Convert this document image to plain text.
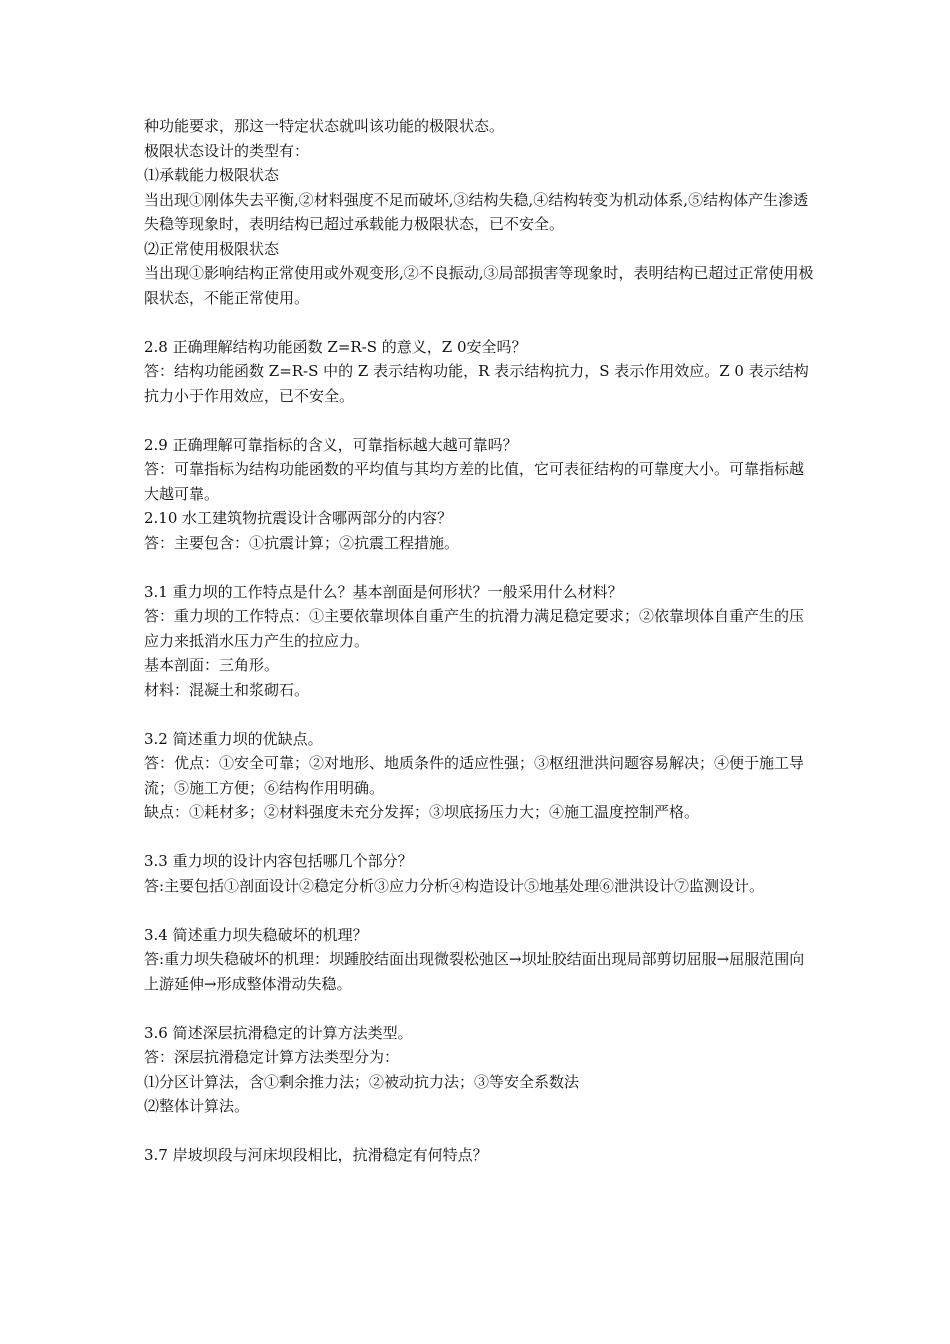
种功能要求，那这一特定状态就叫该功能的极限状态。

极限状态设计的类型有：

⑴承载能力极限状态

当出现①刚体失去平衡,②材料强度不足而破坏,③结构失稳,④结构转变为机动体系,⑤结构体产生渗透失稳等现象时，表明结构已超过承载能力极限状态，已不安全。

⑵正常使用极限状态

当出现①影响结构正常使用或外观变形,②不良振动,③局部损害等现象时，表明结构已超过正常使用极限状态，不能正常使用。

2.8 正确理解结构功能函数 Z=R-S 的意义，Z 0安全吗？

答：结构功能函数 Z=R-S 中的 Z 表示结构功能，R 表示结构抗力，S 表示作用效应。Z 0 表示结构抗力小于作用效应，已不安全。

2.9 正确理解可靠指标的含义，可靠指标越大越可靠吗？

答：可靠指标为结构功能函数的平均值与其均方差的比值，它可表征结构的可靠度大小。可靠指标越大越可靠。

2.10 水工建筑物抗震设计含哪两部分的内容？

答：主要包含：①抗震计算；②抗震工程措施。

3.1 重力坝的工作特点是什么？基本剖面是何形状？一般采用什么材料？

答：重力坝的工作特点：①主要依靠坝体自重产生的抗滑力满足稳定要求；②依靠坝体自重产生的压应力来抵消水压力产生的拉应力。

基本剖面：三角形。

材料：混凝土和浆砌石。

3.2 简述重力坝的优缺点。

答：优点：①安全可靠；②对地形、地质条件的适应性强；③枢纽泄洪问题容易解决；④便于施工导流；⑤施工方便；⑥结构作用明确。

缺点：①耗材多；②材料强度未充分发挥；③坝底扬压力大；④施工温度控制严格。

3.3 重力坝的设计内容包括哪几个部分？

答:主要包括①剖面设计②稳定分析③应力分析④构造设计⑤地基处理⑥泄洪设计⑦监测设计。

3.4 简述重力坝失稳破坏的机理？

答:重力坝失稳破坏的机理：坝踵胶结面出现微裂松弛区→坝址胶结面出现局部剪切屈服→屈服范围向上游延伸→形成整体滑动失稳。

3.6 简述深层抗滑稳定的计算方法类型。

答：深层抗滑稳定计算方法类型分为：

⑴分区计算法，含①剩余推力法；②被动抗力法；③等安全系数法

⑵整体计算法。

3.7 岸坡坝段与河床坝段相比，抗滑稳定有何特点？
